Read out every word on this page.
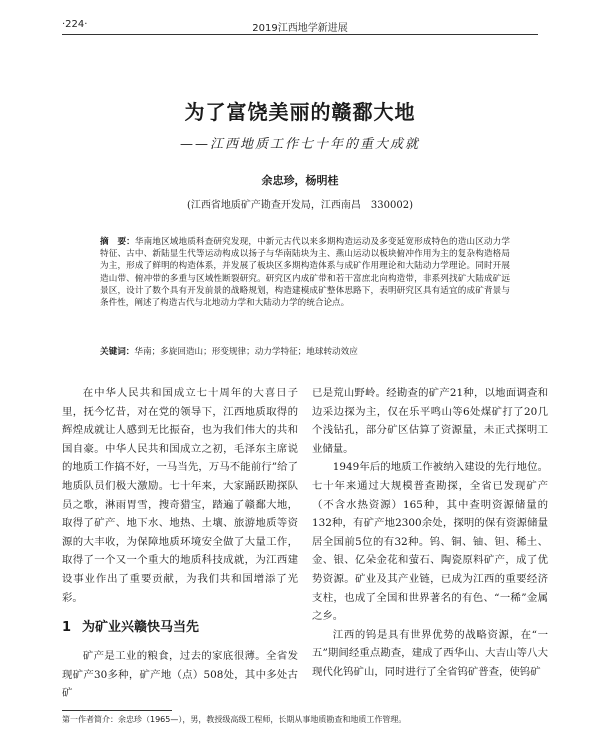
·224·	2019江西地学新进展
为了富饶美丽的赣鄱大地
——江西地质工作七十年的重大成就
余忠珍，杨明桂
(江西省地质矿产勘查开发局，江西南昌　330002)
摘　要：华南地区域地质科查研究发现，中新元古代以来多期构造运动及多变延宽形成特色的造山区动力学特征、古中、新陆显生代等运动构成以扬子与华南陆块为主、燕山运动以板块俯冲作用为主的复杂构造格局为主，形成了鲜明的构造体系，并发展了板块区多期构造体系与成矿作用理论和大陆动力学理论。同时开展造山带、俯冲带的多重与区域性断裂研究。研究区内成矿带和若干富庶北向构造带，非系列找矿大陆成矿远景区，设计了数个具有开发前景的战略规划，构造建模成矿整体思路下，表明研究区具有适宜的成矿背景与条件性，阐述了构造古代与北地动力学和大陆动力学的统合论点。
关键词：华南；多旋回造山；形变规律；动力学特征；地球转动效应

在中华人民共和国成立七十周年的大喜日子里，抚今忆昔，对在党的领导下，江西地质取得的辉煌成就让人感到无比振奋，也为我们伟大的共和国自豪。中华人民共和国成立之初，毛泽东主席说的地质工作搞不好，一马当先，万马不能前行”给了地质队员们极大激励。七十年来，大家踊跃勘探队员之歌，淋雨胃雪，搜奇猎宝，踏遍了赣鄱大地，取得了矿产、地下水、地热、土壤、旅游地质等资源的大丰收，为保障地质环境安全做了大量工作，取得了一个又一个重大的地质科技成就，为江西建设事业作出了重要贡献，为我们共和国增添了光彩。

1 为矿业兴赣快马当先

矿产是工业的粮食，过去的家底很薄。全省发现矿产30多种，矿产地（点）508处，其中多处古矿

已是荒山野岭。经勘查的矿产21种，以地面调查和边采边探为主，仅在乐平鸣山等6处煤矿打了20几个浅钻孔，部分矿区估算了资源量，未正式探明工业储量。

1949年后的地质工作被纳入建设的先行地位。七十年来通过大规模普查勘探，全省已发现矿产（不含水热资源）165种，其中查明资源储量的132种，有矿产地2300余处，探明的保有资源储量居全国前5位的有32种。钨、铜、铀、钽、稀土、金、银、亿朵金花和萤石、陶瓷原料矿产，成了优势资源。矿业及其产业链，已成为江西的重要经济支柱，也成了全国和世界著名的有色、“一稀”金属之乡。

江西的钨是具有世界优势的战略资源，在“一五”期间经重点勘查，建成了西华山、大吉山等八大现代化钨矿山，同时进行了全省钨矿普查，使钨矿

第一作者简介：余忠珍（1965—），男，教授级高级工程师，长期从事地质勘查和地质工作管理。
